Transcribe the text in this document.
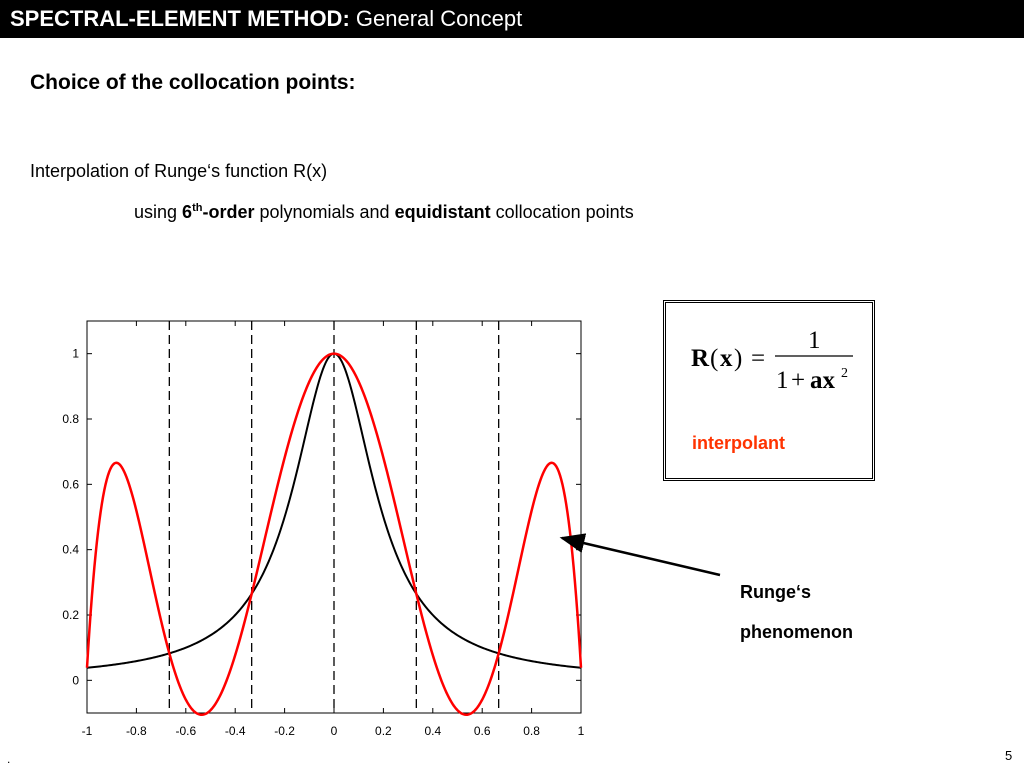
SPECTRAL-ELEMENT METHOD: General Concept
Choice of the collocation points:
Interpolation of Runge‘s function R(x)
using 6th-order polynomials and equidistant collocation points
R ( x ) =
1
1 + ax 2
interpolant
-1	-0.8 -0.6 -0.4 -0.2	0	0.2	0.4	0.6	0.8	1
0
0.2
0.4
0.6
0.8
1
Runge‘s
phenomenon
.	5
